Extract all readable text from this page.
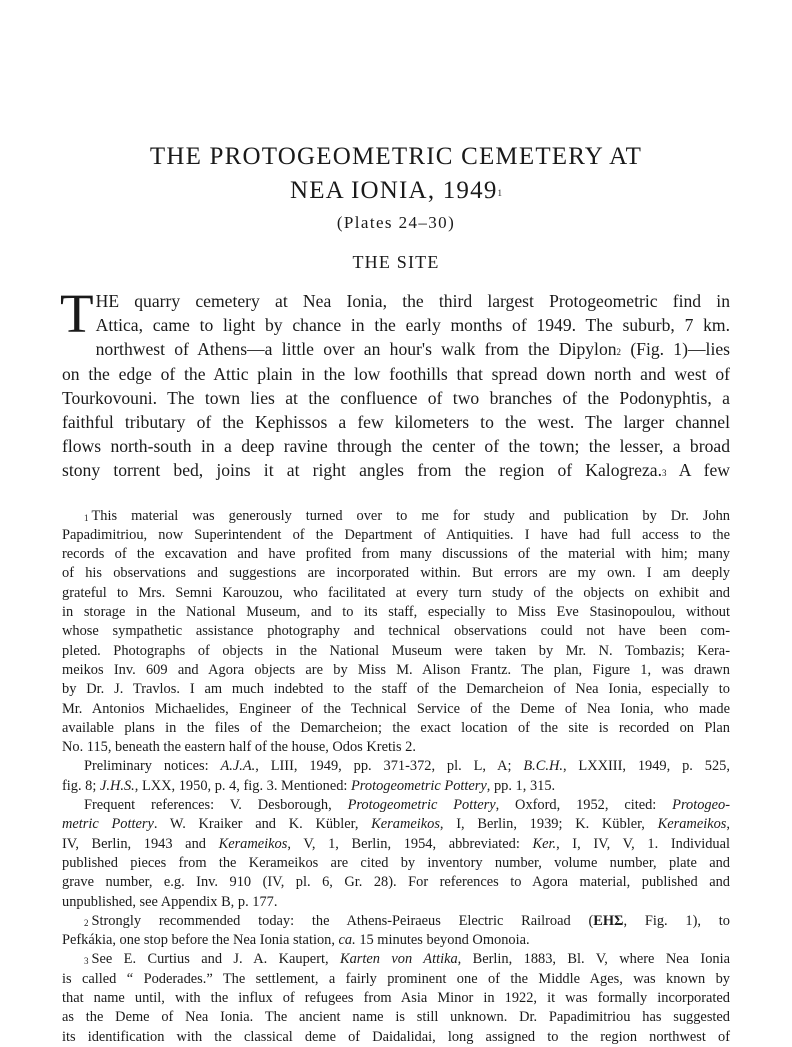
THE PROTOGEOMETRIC CEMETERY AT
NEA IONIA, 1949$^1$
(Plates 24–30)
THE SITE
T HE quarry cemetery at Nea Ionia, the third largest Protogeometric find in
Attica, came to light by chance in the early months of 1949. The suburb, 7 km.
northwest of Athens—a little over an hour's walk from the Dipylon$^2$ (Fig. 1)—lies
on the edge of the Attic plain in the low foothills that spread down north and west of
Tourkovouni. The town lies at the confluence of two branches of the Podonyphtis, a
faithful tributary of the Kephissos a few kilometers to the west. The larger channel
flows north-south in a deep ravine through the center of the town; the lesser, a broad
stony torrent bed, joins it at right angles from the region of Kalogreza.$^3$ A few
$^1$ This material was generously turned over to me for study and publication by Dr. John
Papadimitriou, now Superintendent of the Department of Antiquities. I have had full access to the
records of the excavation and have profited from many discussions of the material with him; many
of his observations and suggestions are incorporated within. But errors are my own. I am deeply
grateful to Mrs. Semni Karouzou, who facilitated at every turn study of the objects on exhibit and
in storage in the National Museum, and to its staff, especially to Miss Eve Stasinopoulou, without
whose sympathetic assistance photography and technical observations could not have been com-
pleted. Photographs of objects in the National Museum were taken by Mr. N. Tombazis; Kera-
meikos Inv. 609 and Agora objects are by Miss M. Alison Frantz. The plan, Figure 1, was drawn
by Dr. J. Travlos. I am much indebted to the staff of the Demarcheion of Nea Ionia, especially to
Mr. Antonios Michaelides, Engineer of the Technical Service of the Deme of Nea Ionia, who made
available plans in the files of the Demarcheion; the exact location of the site is recorded on Plan
No. 115, beneath the eastern half of the house, Odos Kretis 2.
Preliminary notices: A.J.A., LIII, 1949, pp. 371-372, pl. L, A; B.C.H., LXXIII, 1949, p. 525,
fig. 8; J.H.S., LXX, 1950, p. 4, fig. 3. Mentioned: Protogeometric Pottery, pp. 1, 315.
Frequent references: V. Desborough, Protogeometric Pottery, Oxford, 1952, cited: Protogeo-
metric Pottery. W. Kraiker and K. Kübler, Kerameikos, I, Berlin, 1939; K. Kübler, Kerameikos,
IV, Berlin, 1943 and Kerameikos, V, 1, Berlin, 1954, abbreviated: Ker., I, IV, V, 1. Individual
published pieces from the Kerameikos are cited by inventory number, volume number, plate and
grave number, e.g. Inv. 910 (IV, pl. 6, Gr. 28). For references to Agora material, published and
unpublished, see Appendix B, p. 177.
$^2$ Strongly recommended today: the Athens-Peiraeus Electric Railroad (ΕΗΣ, Fig. 1), to
Pefkákia, one stop before the Nea Ionia station, ca. 15 minutes beyond Omonoia.
$^3$ See E. Curtius and J. A. Kaupert, Karten von Attika, Berlin, 1883, Bl. V, where Nea Ionia
is called “ Poderades.” The settlement, a fairly prominent one of the Middle Ages, was known by
that name until, with the influx of refugees from Asia Minor in 1922, it was formally incorporated
as the Deme of Nea Ionia. The ancient name is still unknown. Dr. Papadimitriou has suggested
its identification with the classical deme of Daidalidai, long assigned to the region northwest of
